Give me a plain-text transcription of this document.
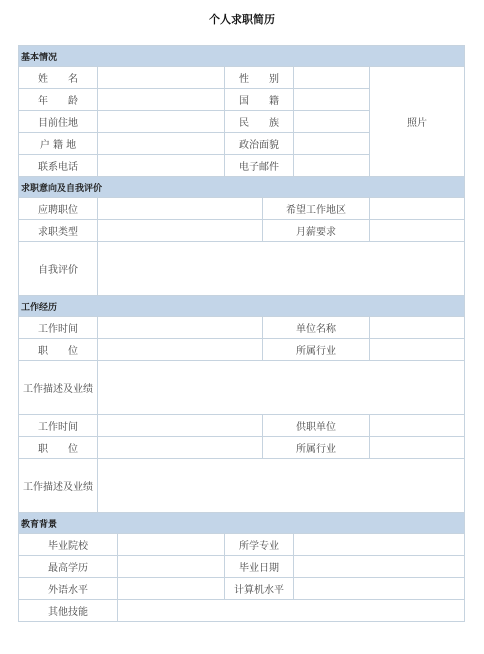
个人求职简历
基本情况						
姓　　名			性　　别			照片
年　　龄			国　　籍			
目前住地			民　　族			
户 籍 地			政治面貌			
联系电话			电子邮件			
求职意向及自我评价						
应聘职位				希望工作地区		
求职类型				月薪要求		
自我评价						
工作经历						
工作时间				单位名称		
职　　位				所属行业		
工作描述及业绩						
工作时间				供职单位		
职　　位				所属行业		
工作描述及业绩						
教育背景						
毕业院校			所学专业			
最高学历			毕业日期			
外语水平			计算机水平			
其他技能						
